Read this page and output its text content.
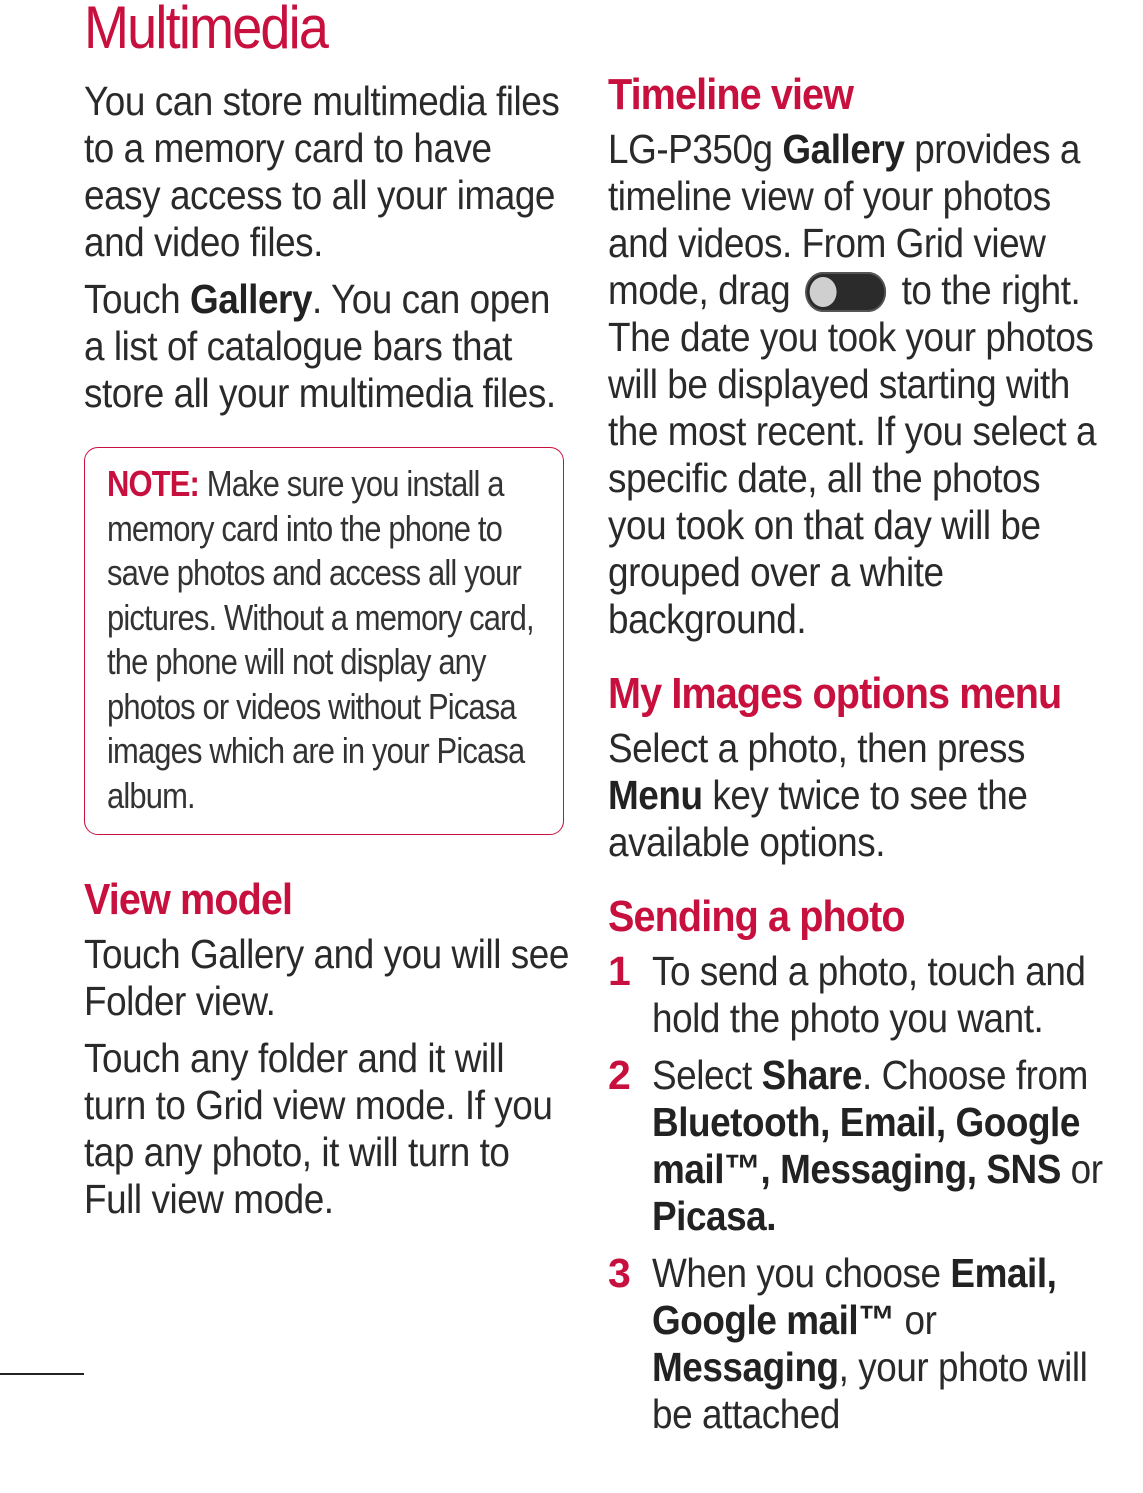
Multimedia

You can store multimedia files to a memory card to have easy access to all your image and video files.

Touch Gallery. You can open a list of catalogue bars that store all your multimedia files.

NOTE: Make sure you install a memory card into the phone to save photos and access all your pictures. Without a memory card, the phone will not display any photos or videos without Picasa images which are in your Picasa album.

View model

Touch Gallery and you will see Folder view.

Touch any folder and it will turn to Grid view mode. If you tap any photo, it will turn to Full view mode.

Timeline view

LG-P350g Gallery provides a timeline view of your photos and videos. From Grid view mode, drag
to the right. The date you took your photos will be displayed starting with the most recent. If you select a specific date, all the photos you took on that day will be grouped over a white background.

My Images options menu

Select a photo, then press Menu key twice to see the available options.

Sending a photo
1 To send a photo, touch and hold the photo you want.

2 Select Share. Choose from Bluetooth, Email, Google mail™, Messaging, SNS or Picasa.

3 When you choose Email, Google mail™ or Messaging, your photo will be attached
